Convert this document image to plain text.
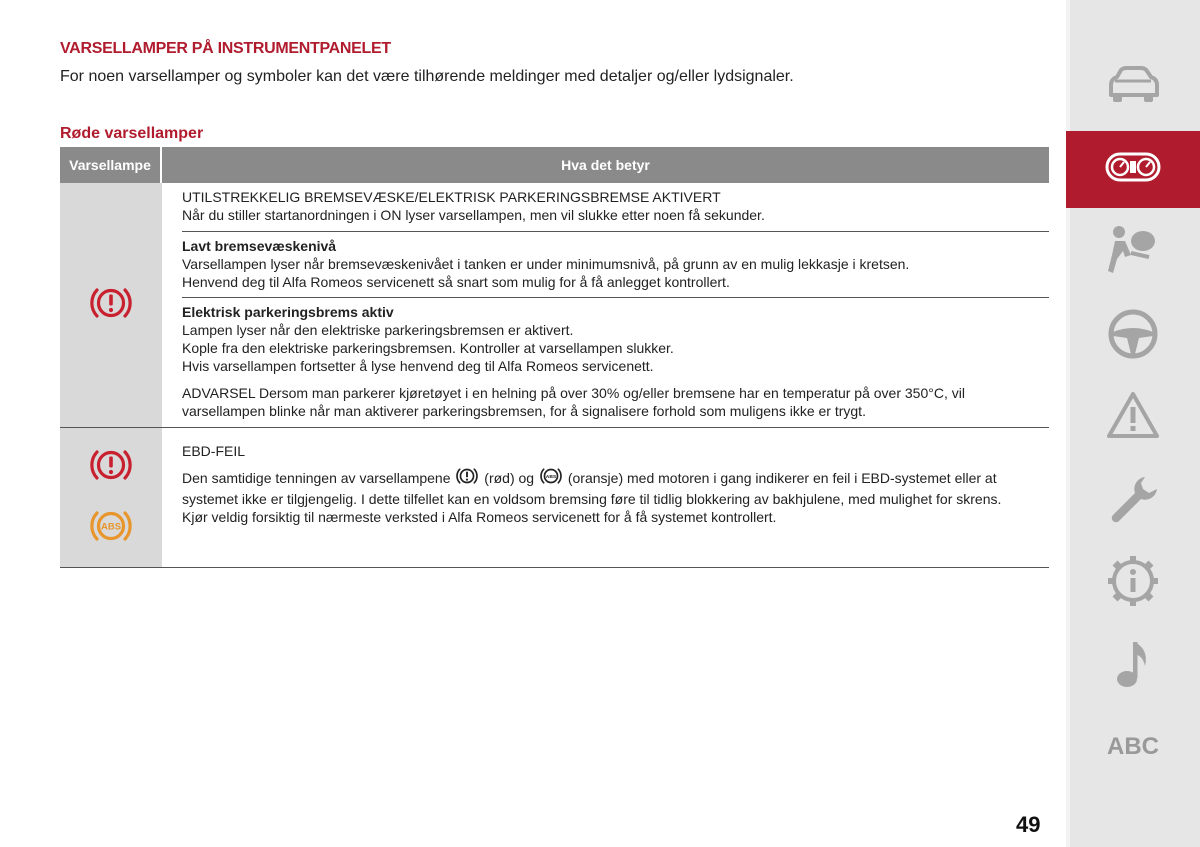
VARSELLAMPER PÅ INSTRUMENTPANELET
For noen varsellamper og symboler kan det være tilhørende meldinger med detaljer og/eller lydsignaler.
Røde varsellamper
Varsellampe	Hva det betyr

UTILSTREKKELIG BREMSEVÆSKE/ELEKTRISK PARKERINGSBREMSE AKTIVERT

Når du stiller startanordningen i ON lyser varsellampen, men vil slukke etter noen få sekunder.

Lavt bremsevæskenivå

Varsellampen lyser når bremsevæskenivået i tanken er under minimumsnivå, på grunn av en mulig lekkasje i kretsen.

Henvend deg til Alfa Romeos servicenett så snart som mulig for å få anlegget kontrollert.

Elektrisk parkeringsbrems aktiv

Lampen lyser når den elektriske parkeringsbremsen er aktivert.

Kople fra den elektriske parkeringsbremsen. Kontroller at varsellampen slukker.

Hvis varsellampen fortsetter å lyse henvend deg til Alfa Romeos servicenett.

ADVARSEL Dersom man parkerer kjøretøyet i en helning på over 30% og/eller bremsene har en temperatur på over 350°C, vil varsellampen blinke når man aktiverer parkeringsbremsen, for å signalisere forhold som muligens ikke er trygt.

ABS

EBD-FEIL

Den samtidige tenningen av varsellampene (rød) og ABS (oransje) med motoren i gang indikerer en feil i EBD-systemet eller at systemet ikke er tilgjengelig. I dette tilfellet kan en voldsom bremsing føre til tidlig blokkering av bakhjulene, med mulighet for skrens.

Kjør veldig forsiktig til nærmeste verksted i Alfa Romeos servicenett for å få systemet kontrollert.

49
ABC
